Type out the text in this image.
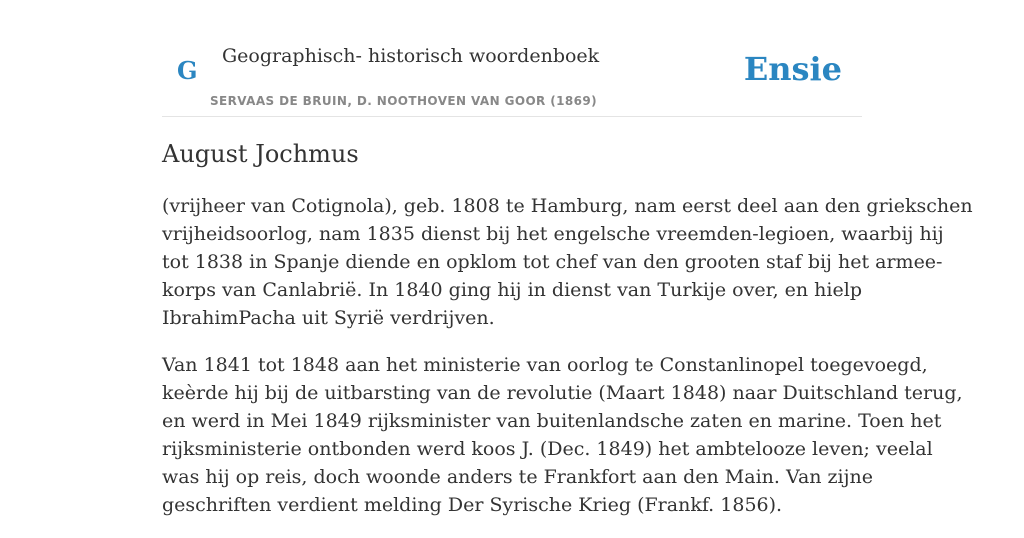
G Geographisch- historisch woordenboek
SERVAAS DE BRUIN, D. NOOTHOVEN VAN GOOR (1869)
Ensie
August Jochmus

(vrijheer van Cotignola), geb. 1808 te Hamburg, nam eerst deel aan den griekschen
vrijheidsoorlog, nam 1835 dienst bij het engelsche vreemden-legioen, waarbij hij
tot 1838 in Spanje diende en opklom tot chef van den grooten staf bij het armee-
korps van Canlabrië. In 1840 ging hij in dienst van Turkije over, en hielp
IbrahimPacha uit Syrië verdrijven.

Van 1841 tot 1848 aan het ministerie van oorlog te Constanlinopel toegevoegd,
keèrde hij bij de uitbarsting van de revolutie (Maart 1848) naar Duitschland terug,
en werd in Mei 1849 rijksminister van buitenlandsche zaten en marine. Toen het
rijksministerie ontbonden werd koos J. (Dec. 1849) het ambtelooze leven; veelal
was hij op reis, doch woonde anders te Frankfort aan den Main. Van zijne
geschriften verdient melding Der Syrische Krieg (Frankf. 1856).
